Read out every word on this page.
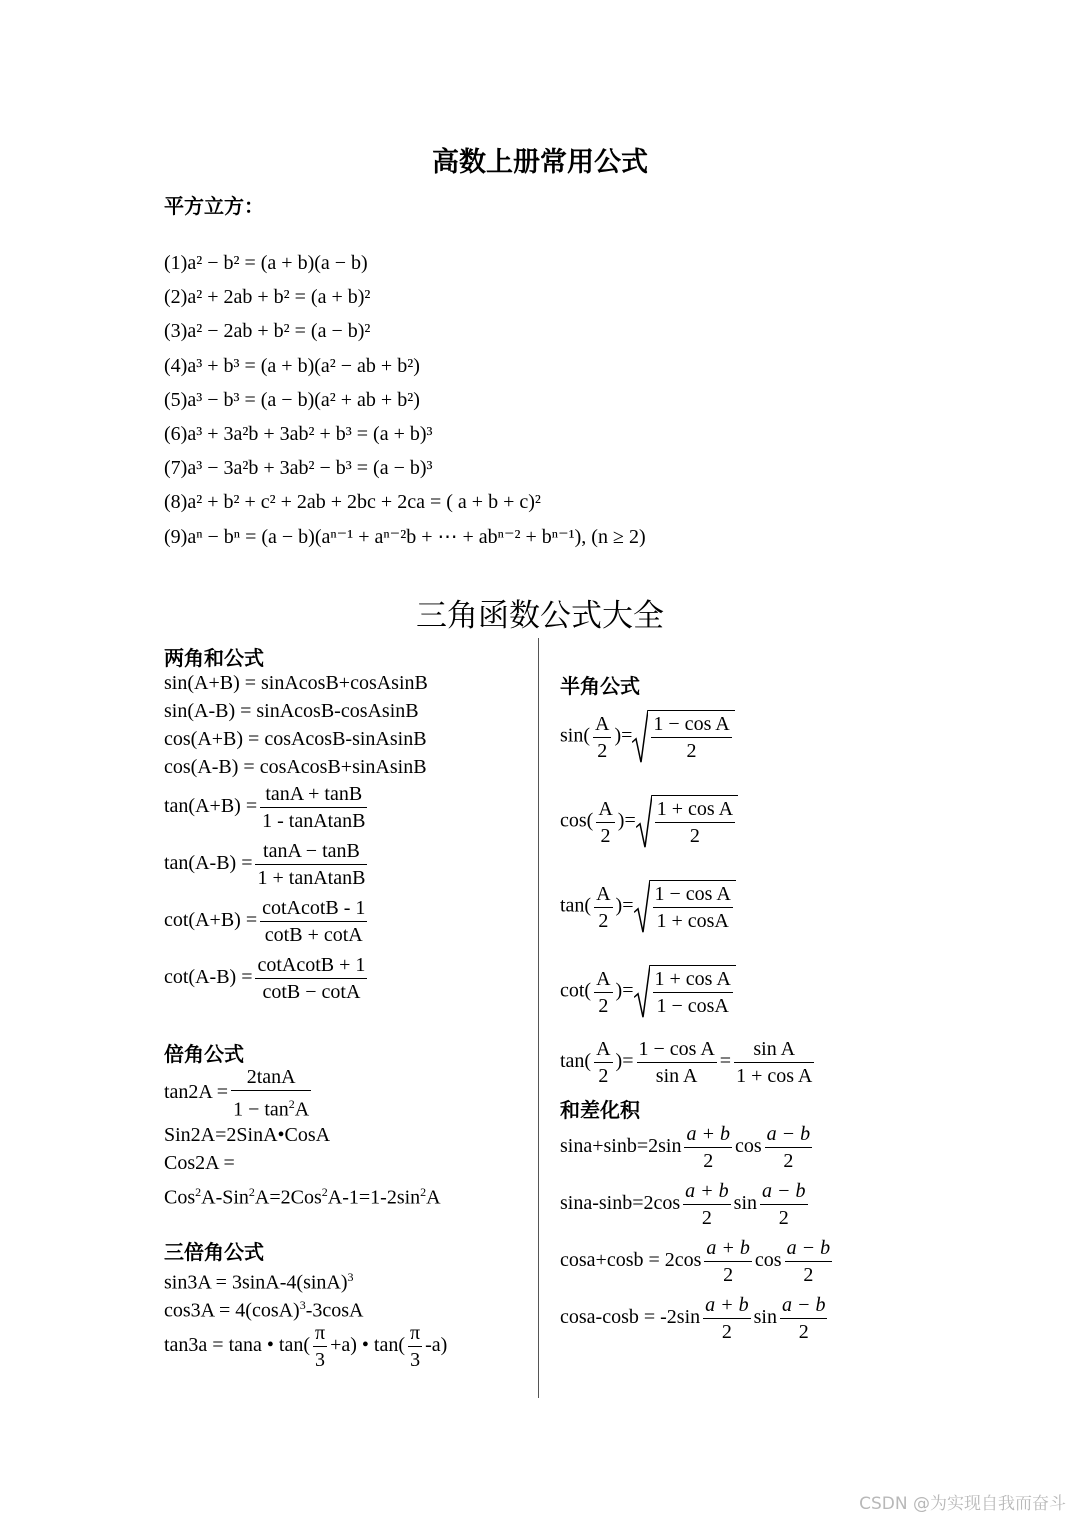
高数上册常用公式
平方立方：
(1)a² − b² = (a + b)(a − b)
(2)a² + 2ab + b² = (a + b)²
(3)a² − 2ab + b² = (a − b)²
(4)a³ + b³ = (a + b)(a² − ab + b²)
(5)a³ − b³ = (a − b)(a² + ab + b²)
(6)a³ + 3a²b + 3ab² + b³ = (a + b)³
(7)a³ − 3a²b + 3ab² − b³ = (a − b)³
(8)a² + b² + c² + 2ab + 2bc + 2ca = ( a + b + c)²
(9)aⁿ − bⁿ = (a − b)(aⁿ⁻¹ + aⁿ⁻²b + ⋯ + abⁿ⁻² + bⁿ⁻¹), (n ≥ 2)
三角函数公式大全
两角和公式
sin(A+B) = sinAcosB+cosAsinB
sin(A-B) = sinAcosB-cosAsinB
cos(A+B) = cosAcosB-sinAsinB
cos(A-B) = cosAcosB+sinAsinB
$\tan(A+B) = \frac{\tan A + \tan B}{\text{1 - tanAtanB}}$
$\tan(A-B) = \frac{\tan A - \tan B}{\text{1 + tanAtanB}}$
$\cot(A+B) = \frac{\text{cotAcotB - 1}}{\cot B + \cot A}$
$\cot(A-B) = \frac{\text{cotAcotB + 1}}{\cot B - \cot A}$
倍角公式
$\tan 2A = \frac{2\tan A}{1 - \tan^2A}$
Sin2A=2SinA•CosA
Cos2A =
$Cos^2A-Sin^2A=2Cos^2A-1=1-2\sin^2A$
三倍角公式
$\sin 3A = 3\sin A-4(\sin A)^3$
$\cos 3A = 4(\cos A)^3-3\cos A$
tan3a = tana • $\tan( \frac{\pi}{3} +a)$ • $\tan( \frac{\pi}{3} -a)$
半角公式
$\sin( \frac{A}{2}$ )= $\frac{\text{1 − cos A}}{2}$
$\cos( \frac{A}{2}$ )= $\frac{\text{1 + cos A}}{2}$
$\tan( \frac{A}{2}$ )= $\frac{\text{1 − cos A}}{1 + \cos A}$
$\cot( \frac{A}{2}$ )= $\frac{\text{1 + cos A}}{1 - \cos A}$
$\tan( \frac{A}{2}$ )= $\frac{\text{1 − cos A}}{\text{sin A}} = \frac{\text{sin A}}{\text{1 + cos A}}$
和差化积
$\sin a+\sin b=2\sin \frac{a + b}{2}$ $\cos \frac{a - b}{2}$
$\sin a-\sin b=2\cos \frac{a + b}{2}$ $\sin \frac{a - b}{2}$
$\cos a+\cos b = 2\cos \frac{a + b}{2}$ $\cos \frac{a - b}{2}$
$\cos a-\cos b = -2\sin \frac{a + b}{2}$ $\sin \frac{a - b}{2}$
CSDN @为实现自我而奋斗
